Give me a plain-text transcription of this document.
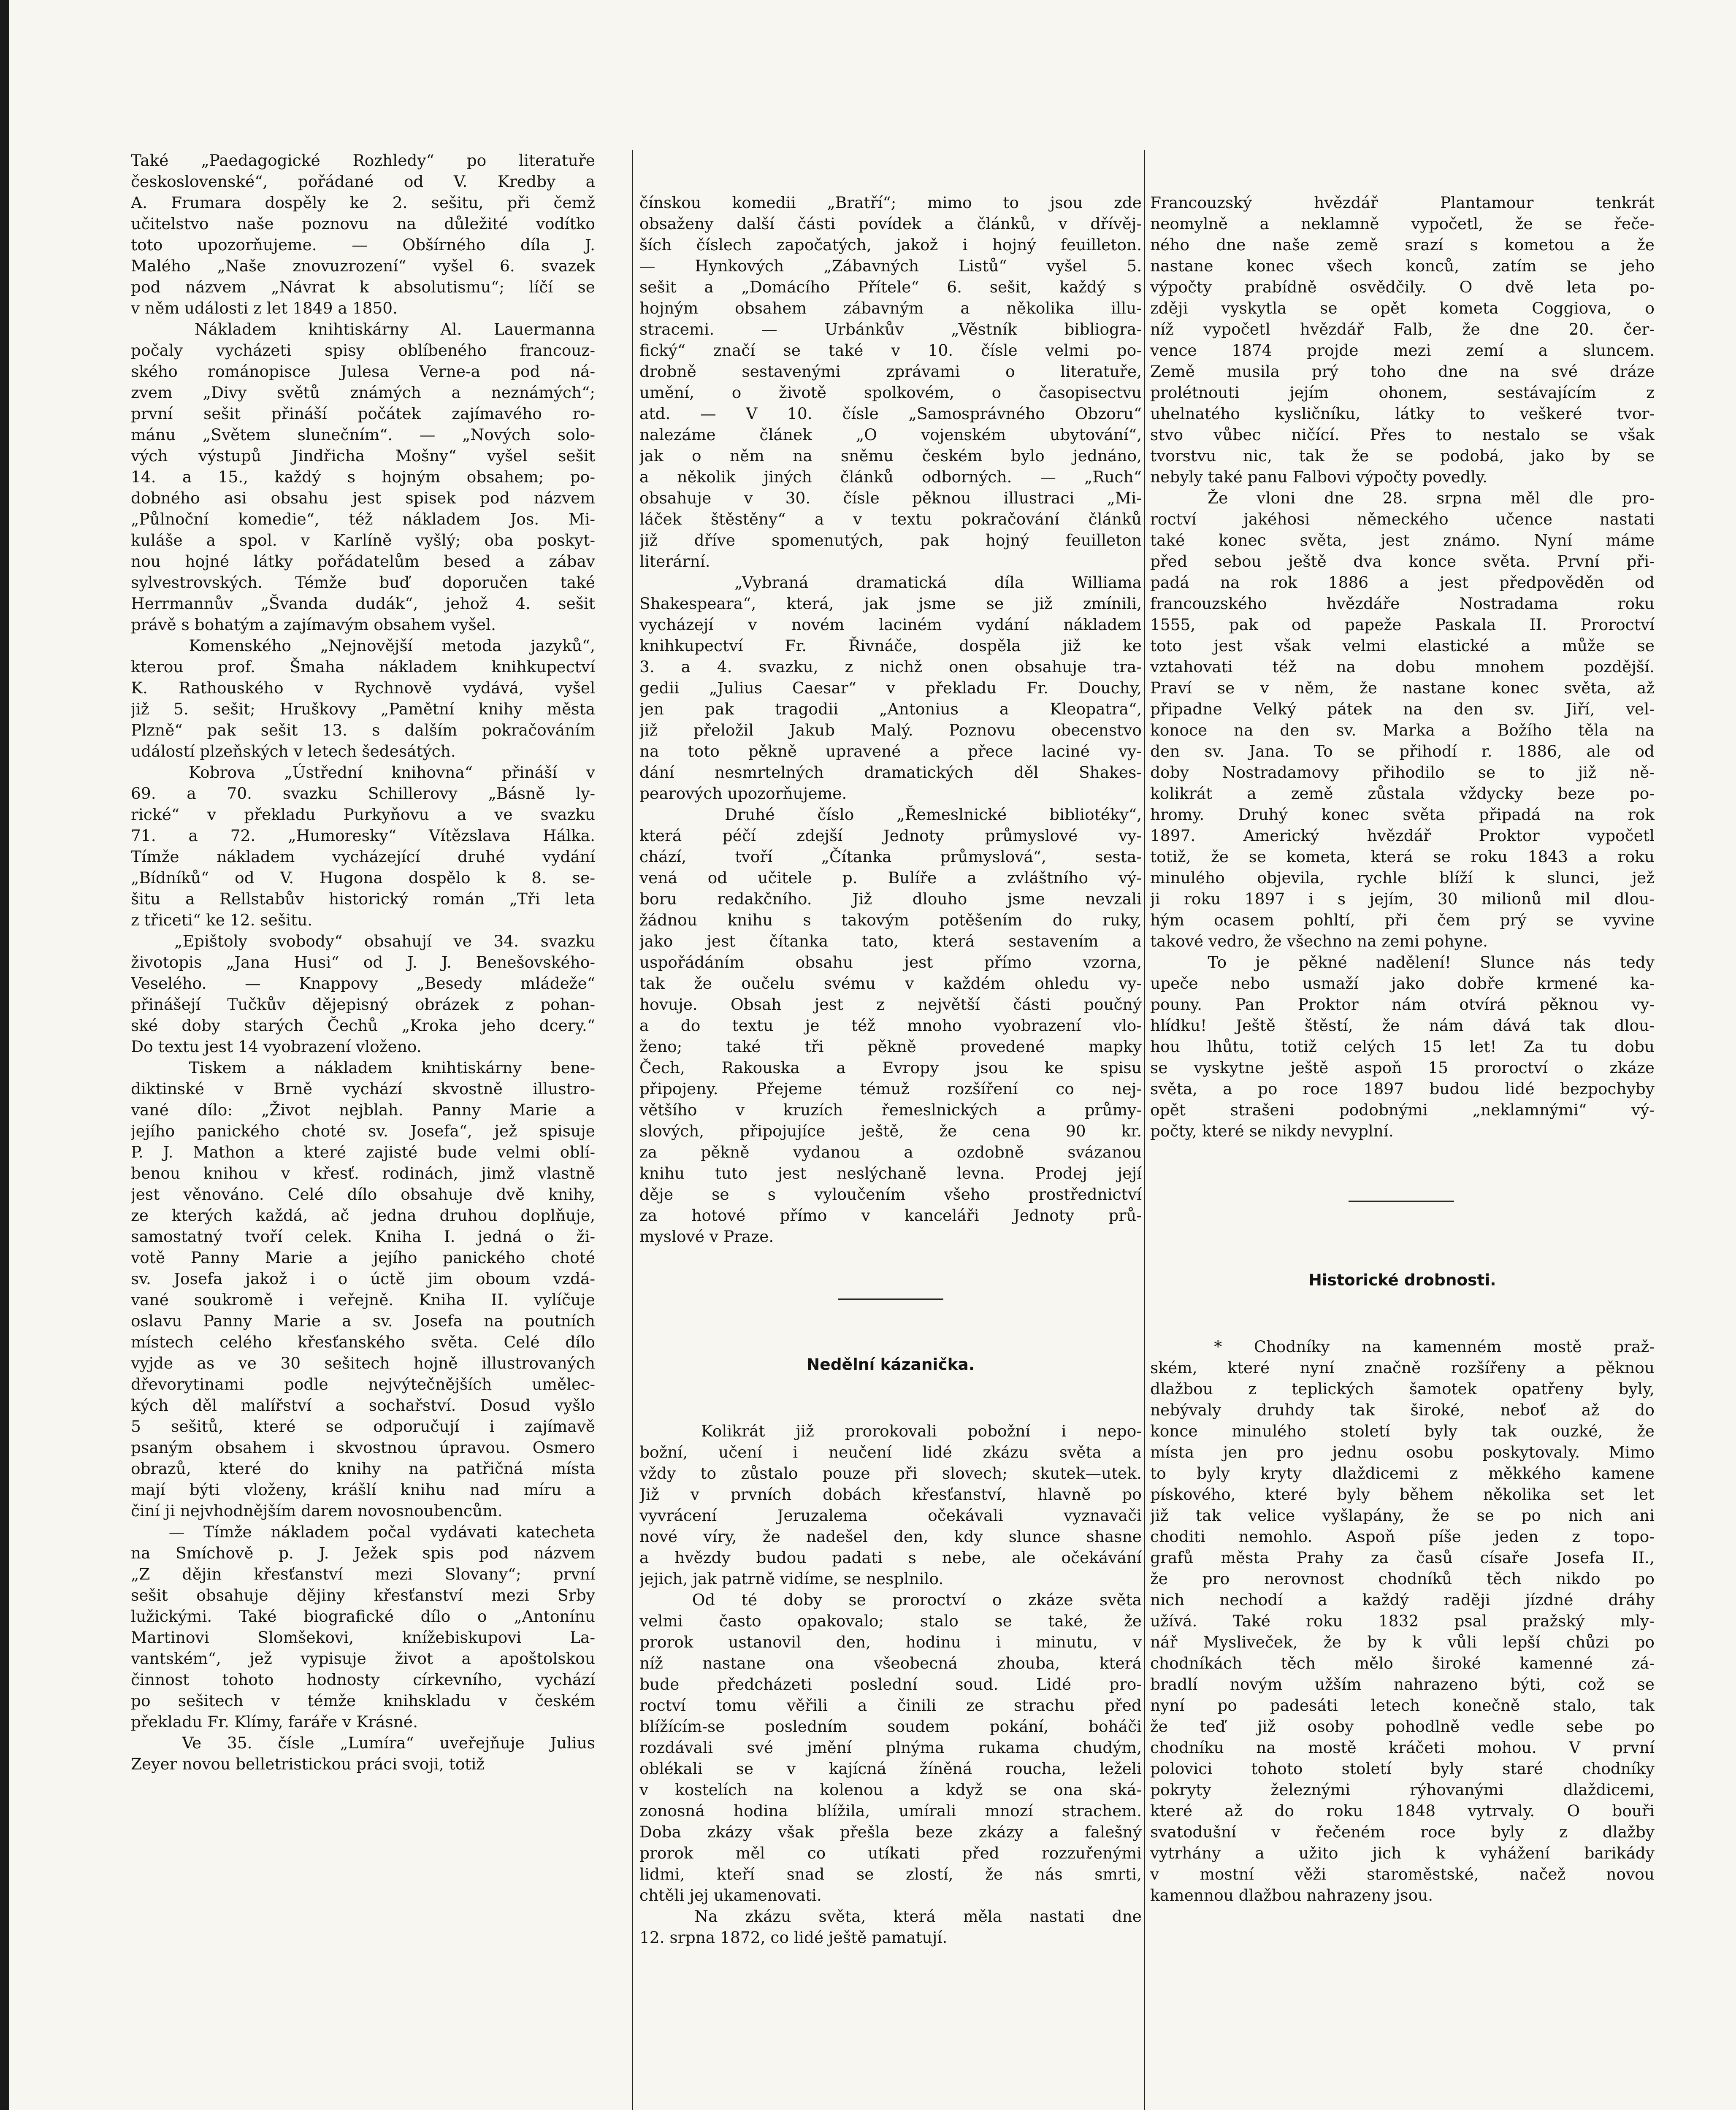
Také „Paedagogické Rozhledy“ po literatuře
československé“, pořádané od V. Kredby a
A. Frumara dospěly ke 2. sešitu, při čemž
učitelstvo naše poznovu na důležité vodítko
toto upozorňujeme. — Obšírného díla J.
Malého „Naše znovuzrození“ vyšel 6. svazek
pod názvem „Návrat k absolutismu“; líčí se
v něm události z let 1849 a 1850.
Nákladem knihtiskárny Al. Lauermanna
počaly vycházeti spisy oblíbeného francouz-
ského románopisce Julesa Verne-a pod ná-
zvem „Divy světů známých a neznámých“;
první sešit přináší počátek zajímavého ro-
mánu „Světem slunečním“. — „Nových solo-
vých výstupů Jindřicha Mošny“ vyšel sešit
14. a 15., každý s hojným obsahem; po-
dobného asi obsahu jest spisek pod názvem
„Půlnoční komedie“, též nákladem Jos. Mi-
kuláše a spol. v Karlíně vyšlý; oba poskyt-
nou hojné látky pořádatelům besed a zábav
sylvestrovských. Témže buď doporučen také
Herrmannův „Švanda dudák“, jehož 4. sešit
právě s bohatým a zajímavým obsahem vyšel.
Komenského „Nejnovější metoda jazyků“,
kterou prof. Šmaha nákladem knihkupectví
K. Rathouského v Rychnově vydává, vyšel
již 5. sešit; Hruškovy „Pamětní knihy města
Plzně“ pak sešit 13. s dalším pokračováním
událostí plzeňských v letech šedesátých.
Kobrova „Ústřední knihovna“ přináší v
69. a 70. svazku Schillerovy „Básně ly-
rické“ v překladu Purkyňovu a ve svazku
71. a 72. „Humoresky“ Vítězslava Hálka.
Tímže nákladem vycházející druhé vydání
„Bídníků“ od V. Hugona dospělo k 8. se-
šitu a Rellstabův historický román „Tři leta
z třiceti“ ke 12. sešitu.
„Epištoly svobody“ obsahují ve 34. svazku
životopis „Jana Husi“ od J. J. Benešovského-
Veselého. — Knappovy „Besedy mládeže“
přinášejí Tučkův dějepisný obrázek z pohan-
ské doby starých Čechů „Kroka jeho dcery.“
Do textu jest 14 vyobrazení vloženo.
Tiskem a nákladem knihtiskárny bene-
diktinské v Brně vychází skvostně illustro-
vané dílo: „Život nejblah. Panny Marie a
jejího panického choté sv. Josefa“, jež spisuje
P. J. Mathon a které zajisté bude velmi oblí-
benou knihou v křesť. rodinách, jimž vlastně
jest věnováno. Celé dílo obsahuje dvě knihy,
ze kterých každá, ač jedna druhou doplňuje,
samostatný tvoří celek. Kniha I. jedná o ži-
votě Panny Marie a jejího panického choté
sv. Josefa jakož i o úctě jim oboum vzdá-
vané soukromě i veřejně. Kniha II. vylíčuje
oslavu Panny Marie a sv. Josefa na poutních
místech celého křesťanského světa. Celé dílo
vyjde as ve 30 sešitech hojně illustrovaných
dřevorytinami podle nejvýtečnějších umělec-
kých děl malířství a sochařství. Dosud vyšlo
5 sešitů, které se odporučují i zajímavě
psaným obsahem i skvostnou úpravou. Osmero
obrazů, které do knihy na patřičná místa
mají býti vloženy, krášlí knihu nad míru a
činí ji nejvhodnějším darem novosnoubencům.
— Tímže nákladem počal vydávati katecheta
na Smíchově p. J. Ježek spis pod názvem
„Z dějin křesťanství mezi Slovany“; první
sešit obsahuje dějiny křesťanství mezi Srby
lužickými. Také biografické dílo o „Antonínu
Martinovi Slomšekovi, knížebiskupovi La-
vantském“, jež vypisuje život a apoštolskou
činnost tohoto hodnosty církevního, vychází
po sešitech v témže knihskladu v českém
překladu Fr. Klímy, faráře v Krásné.
Ve 35. čísle „Lumíra“ uveřejňuje Julius
Zeyer novou belletristickou práci svoji, totiž

čínskou komedii „Bratří“; mimo to jsou zde
obsaženy další části povídek a článků, v dřívěj-
ších číslech započatých, jakož i hojný feuilleton.
— Hynkových „Zábavných Listů“ vyšel 5.
sešit a „Domácího Přítele“ 6. sešit, každý s
hojným obsahem zábavným a několika illu-
stracemi. — Urbánkův „Věstník bibliogra-
fický“ značí se také v 10. čísle velmi po-
drobně sestavenými zprávami o literatuře,
umění, o životě spolkovém, o časopisectvu
atd. — V 10. čísle „Samosprávného Obzoru“
nalezáme článek „O vojenském ubytování“,
jak o něm na sněmu českém bylo jednáno,
a několik jiných článků odborných. — „Ruch“
obsahuje v 30. čísle pěknou illustraci „Mi-
láček štěstěny“ a v textu pokračování článků
již dříve spomenutých, pak hojný feuilleton
literární.
„Vybraná dramatická díla Williama
Shakespeara“, která, jak jsme se již zmínili,
vycházejí v novém laciném vydání nákladem
knihkupectví Fr. Řivnáče, dospěla již ke
3. a 4. svazku, z nichž onen obsahuje tra-
gedii „Julius Caesar“ v překladu Fr. Douchy,
jen pak tragodii „Antonius a Kleopatra“,
již přeložil Jakub Malý. Poznovu obecenstvo
na toto pěkně upravené a přece laciné vy-
dání nesmrtelných dramatických děl Shakes-
pearových upozorňujeme.
Druhé číslo „Řemeslnické bibliotéky“,
která péčí zdejší Jednoty průmyslové vy-
chází, tvoří „Čítanka průmyslová“, sesta-
vená od učitele p. Bulíře a zvláštního vý-
boru redakčního. Již dlouho jsme nevzali
žádnou knihu s takovým potěšením do ruky,
jako jest čítanka tato, která sestavením a
uspořádáním obsahu jest přímo vzorna,
tak že oučelu svému v každém ohledu vy-
hovuje. Obsah jest z největší části poučný
a do textu je též mnoho vyobrazení vlo-
ženo; také tři pěkně provedené mapky
Čech, Rakouska a Evropy jsou ke spisu
připojeny. Přejeme témuž rozšíření co nej-
většího v kruzích řemeslnických a průmy-
slových, připojujíce ještě, že cena 90 kr.
za pěkně vydanou a ozdobně svázanou
knihu tuto jest neslýchaně levna. Prodej její
děje se s vyloučením všeho prostřednictví
za hotové přímo v kanceláři Jednoty prů-
myslové v Praze.

Nedělní kázanička.

Kolikrát již prorokovali pobožní i nepo-
božní, učení i neučení lidé zkázu světa a
vždy to zůstalo pouze při slovech; skutek—utek.
Již v prvních dobách křesťanství, hlavně po
vyvrácení Jeruzalema očekávali vyznavači
nové víry, že nadešel den, kdy slunce shasne
a hvězdy budou padati s nebe, ale očekávání
jejich, jak patrně vidíme, se nesplnilo.
Od té doby se proroctví o zkáze světa
velmi často opakovalo; stalo se také, že
prorok ustanovil den, hodinu i minutu, v
níž nastane ona všeobecná zhouba, která
bude předcházeti poslední soud. Lidé pro-
roctví tomu věřili a činili ze strachu před
blížícím-se posledním soudem pokání, boháči
rozdávali své jmění plnýma rukama chudým,
oblékali se v kajícná žíněná roucha, leželi
v kostelích na kolenou a když se ona ská-
zonosná hodina blížila, umírali mnozí strachem.
Doba zkázy však přešla beze zkázy a falešný
prorok měl co utíkati před rozzuřenými
lidmi, kteří snad se zlostí, že nás smrti,
chtěli jej ukamenovati.
Na zkázu světa, která měla nastati dne
12. srpna 1872, co lidé ještě pamatují.

Francouzský hvězdář Plantamour tenkrát
neomylně a neklamně vypočetl, že se řeče-
ného dne naše země srazí s kometou a že
nastane konec všech konců, zatím se jeho
výpočty prabídně osvědčily. O dvě leta po-
zději vyskytla se opět kometa Coggiova, o
níž vypočetl hvězdář Falb, že dne 20. čer-
vence 1874 projde mezi zemí a sluncem.
Země musila prý toho dne na své dráze
prolétnouti jejím ohonem, sestávajícím z
uhelnatého kysličníku, látky to veškeré tvor-
stvo vůbec ničící. Přes to nestalo se však
tvorstvu nic, tak že se podobá, jako by se
nebyly také panu Falbovi výpočty povedly.
Že vloni dne 28. srpna měl dle pro-
roctví jakéhosi německého učence nastati
také konec světa, jest známo. Nyní máme
před sebou ještě dva konce světa. První při-
padá na rok 1886 a jest předpověděn od
francouzského hvězdáře Nostradama roku
1555, pak od papeže Paskala II. Proroctví
toto jest však velmi elastické a může se
vztahovati též na dobu mnohem pozdější.
Praví se v něm, že nastane konec světa, až
připadne Velký pátek na den sv. Jiří, vel-
konoce na den sv. Marka a Božího těla na
den sv. Jana. To se přihodí r. 1886, ale od
doby Nostradamovy přihodilo se to již ně-
kolikrát a země zůstala vždycky beze po-
hromy. Druhý konec světa připadá na rok
1897. Americký hvězdář Proktor vypočetl
totiž, že se kometa, která se roku 1843 a roku
minulého objevila, rychle blíží k slunci, jež
ji roku 1897 i s jejím, 30 milionů mil dlou-
hým ocasem pohltí, při čem prý se vyvine
takové vedro, že všechno na zemi pohyne.
To je pěkné nadělení! Slunce nás tedy
upeče nebo usmaží jako dobře krmené ka-
pouny. Pan Proktor nám otvírá pěknou vy-
hlídku! Ještě štěstí, že nám dává tak dlou-
hou lhůtu, totiž celých 15 let! Za tu dobu
se vyskytne ještě aspoň 15 proroctví o zkáze
světa, a po roce 1897 budou lidé bezpochyby
opět strašeni podobnými „neklamnými“ vý-
počty, které se nikdy nevyplní.

Historické drobnosti.

* Chodníky na kamenném mostě praž-
ském, které nyní značně rozšířeny a pěknou
dlažbou z teplických šamotek opatřeny byly,
nebývaly druhdy tak široké, neboť až do
konce minulého století byly tak ouzké, že
místa jen pro jednu osobu poskytovaly. Mimo
to byly kryty dlaždicemi z měkkého kamene
pískového, které byly během několika set let
již tak velice vyšlapány, že se po nich ani
choditi nemohlo. Aspoň píše jeden z topo-
grafů města Prahy za časů císaře Josefa II.,
že pro nerovnost chodníků těch nikdo po
nich nechodí a každý raději jízdné dráhy
užívá. Také roku 1832 psal pražský mly-
nář Mysliveček, že by k vůli lepší chůzi po
chodníkách těch mělo široké kamenné zá-
bradlí novým užším nahrazeno býti, což se
nyní po padesáti letech konečně stalo, tak
že teď již osoby pohodlně vedle sebe po
chodníku na mostě kráčeti mohou. V první
polovici tohoto století byly staré chodníky
pokryty železnými rýhovanými dlaždicemi,
které až do roku 1848 vytrvaly. O bouři
svatodušní v řečeném roce byly z dlažby
vytrhány a užito jich k vyhážení barikády
v mostní věži staroměstské, načež novou
kamennou dlažbou nahrazeny jsou.
